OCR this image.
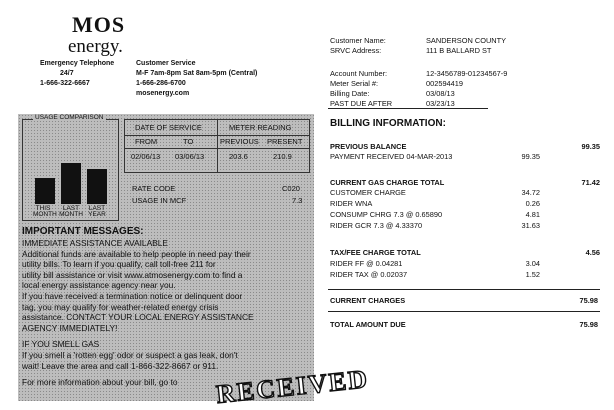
MOS
energy.
Emergency Telephone
24/7
1-666-322-6667
Customer Service
M-F 7am-8pm Sat 8am-5pm (Central)
1-666-286-6700
mosenergy.com
USAGE COMPARISON
THIS MONTH
LAST MONTH
LAST YEAR
DATE OF SERVICE	METER READING
FROM	TO	PREVIOUS PRESENT
02/06/13 03/06/13	203.6	210.9
RATE CODE	C020
USAGE IN MCF	7.3
IMPORTANT MESSAGES:
IMMEDIATE ASSISTANCE AVAILABLE
Additional funds are available to help people in need pay their
utility bills. To learn if you qualify, call toll-free 211 for
utility bill assistance or visit www.atmosenergy.com to find a
local energy assistance agency near you.
If you have received a termination notice or delinquent door
tag, you may qualify for weather-related energy crisis
assistance. CONTACT YOUR LOCAL ENERGY ASSISTANCE
AGENCY IMMEDIATELY!
IF YOU SMELL GAS
If you smell a 'rotten egg' odor or suspect a gas leak, don't
wait! Leave the area and call 1-866-322-8667 or 911.
For more information about your bill, go to	RECEIVED
Customer Name:	SANDERSON COUNTY
SRVC Address:	111 B BALLARD ST
Account Number:	12-3456789-01234567-9
Meter Serial #:	002594419
Billing Date:	03/08/13
PAST DUE AFTER	03/23/13
BILLING INFORMATION:
PREVIOUS BALANCE	99.35
PAYMENT RECEIVED 04-MAR-2013	99.35
CURRENT GAS CHARGE TOTAL	71.42
CUSTOMER CHARGE	34.72
RIDER WNA	0.26
CONSUMP CHRG 7.3 @ 0.65890	4.81
RIDER GCR 7.3 @ 4.33370	31.63
TAX/FEE CHARGE TOTAL	4.56
RIDER FF @ 0.04281	3.04
RIDER TAX @ 0.02037	1.52
CURRENT CHARGES	75.98
TOTAL AMOUNT DUE	75.98
